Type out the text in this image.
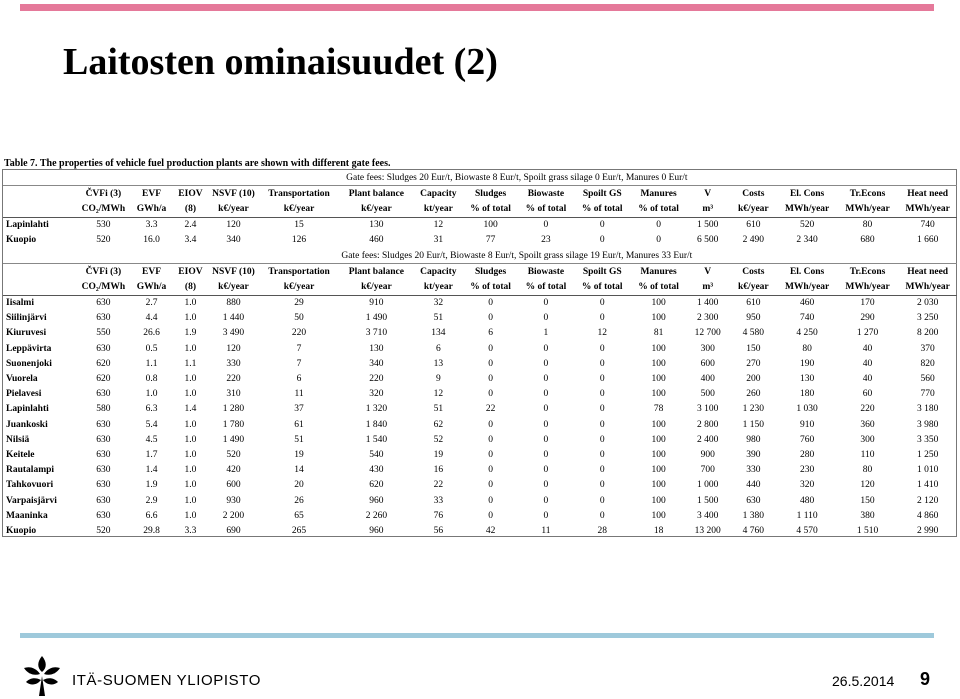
Laitosten ominaisuudet (2)
Table 7. The properties of vehicle fuel production plants are shown with different gate fees.
	Gate fees: Sludges 20 Eur/t, Biowaste 8 Eur/t, Spoilt grass silage 0 Eur/t, Manures 0 Eur/t															
	ČVFi (3)	EVF	EIOV	NSVF (10)	Transportation	Plant balance	Capacity	Sludges	Biowaste	Spoilt GS	Manures	V	Costs	El. Cons	Tr.Econs	Heat need
	CO₂/MWh	GWh/a	(8)	k€/year	k€/year	k€/year	kt/year	% of total	% of total	% of total	% of total	m³	k€/year	MWh/year	MWh/year	MWh/year
Lapinlahti	530	3.3	2.4	120	15	130	12	100	0	0	0	1 500	610	520	80	740
Kuopio	520	16.0	3.4	340	126	460	31	77	23	0	0	6 500	2 490	2 340	680	1 660
	Gate fees: Sludges 20 Eur/t, Biowaste 8 Eur/t, Spoilt grass silage 19 Eur/t, Manures 33 Eur/t															
	ČVFi (3)	EVF	EIOV	NSVF (10)	Transportation	Plant balance	Capacity	Sludges	Biowaste	Spoilt GS	Manures	V	Costs	El. Cons	Tr.Econs	Heat need
	CO₂/MWh	GWh/a	(8)	k€/year	k€/year	k€/year	kt/year	% of total	% of total	% of total	% of total	m³	k€/year	MWh/year	MWh/year	MWh/year
Iisalmi	630	2.7	1.0	880	29	910	32	0	0	0	100	1 400	610	460	170	2 030
Siilinjärvi	630	4.4	1.0	1 440	50	1 490	51	0	0	0	100	2 300	950	740	290	3 250
Kiuruvesi	550	26.6	1.9	3 490	220	3 710	134	6	1	12	81	12 700	4 580	4 250	1 270	8 200
Leppävirta	630	0.5	1.0	120	7	130	6	0	0	0	100	300	150	80	40	370
Suonenjoki	620	1.1	1.1	330	7	340	13	0	0	0	100	600	270	190	40	820
Vuorela	620	0.8	1.0	220	6	220	9	0	0	0	100	400	200	130	40	560
Pielavesi	630	1.0	1.0	310	11	320	12	0	0	0	100	500	260	180	60	770
Lapinlahti	580	6.3	1.4	1 280	37	1 320	51	22	0	0	78	3 100	1 230	1 030	220	3 180
Juankoski	630	5.4	1.0	1 780	61	1 840	62	0	0	0	100	2 800	1 150	910	360	3 980
Nilsiä	630	4.5	1.0	1 490	51	1 540	52	0	0	0	100	2 400	980	760	300	3 350
Keitele	630	1.7	1.0	520	19	540	19	0	0	0	100	900	390	280	110	1 250
Rautalampi	630	1.4	1.0	420	14	430	16	0	0	0	100	700	330	230	80	1 010
Tahkovuori	630	1.9	1.0	600	20	620	22	0	0	0	100	1 000	440	320	120	1 410
Varpaisjärvi	630	2.9	1.0	930	26	960	33	0	0	0	100	1 500	630	480	150	2 120
Maaninka	630	6.6	1.0	2 200	65	2 260	76	0	0	0	100	3 400	1 380	1 110	380	4 860
Kuopio	520	29.8	3.3	690	265	960	56	42	11	28	18	13 200	4 760	4 570	1 510	2 990
ITÄ-SUOMEN YLIOPISTO	26.5.2014 9
